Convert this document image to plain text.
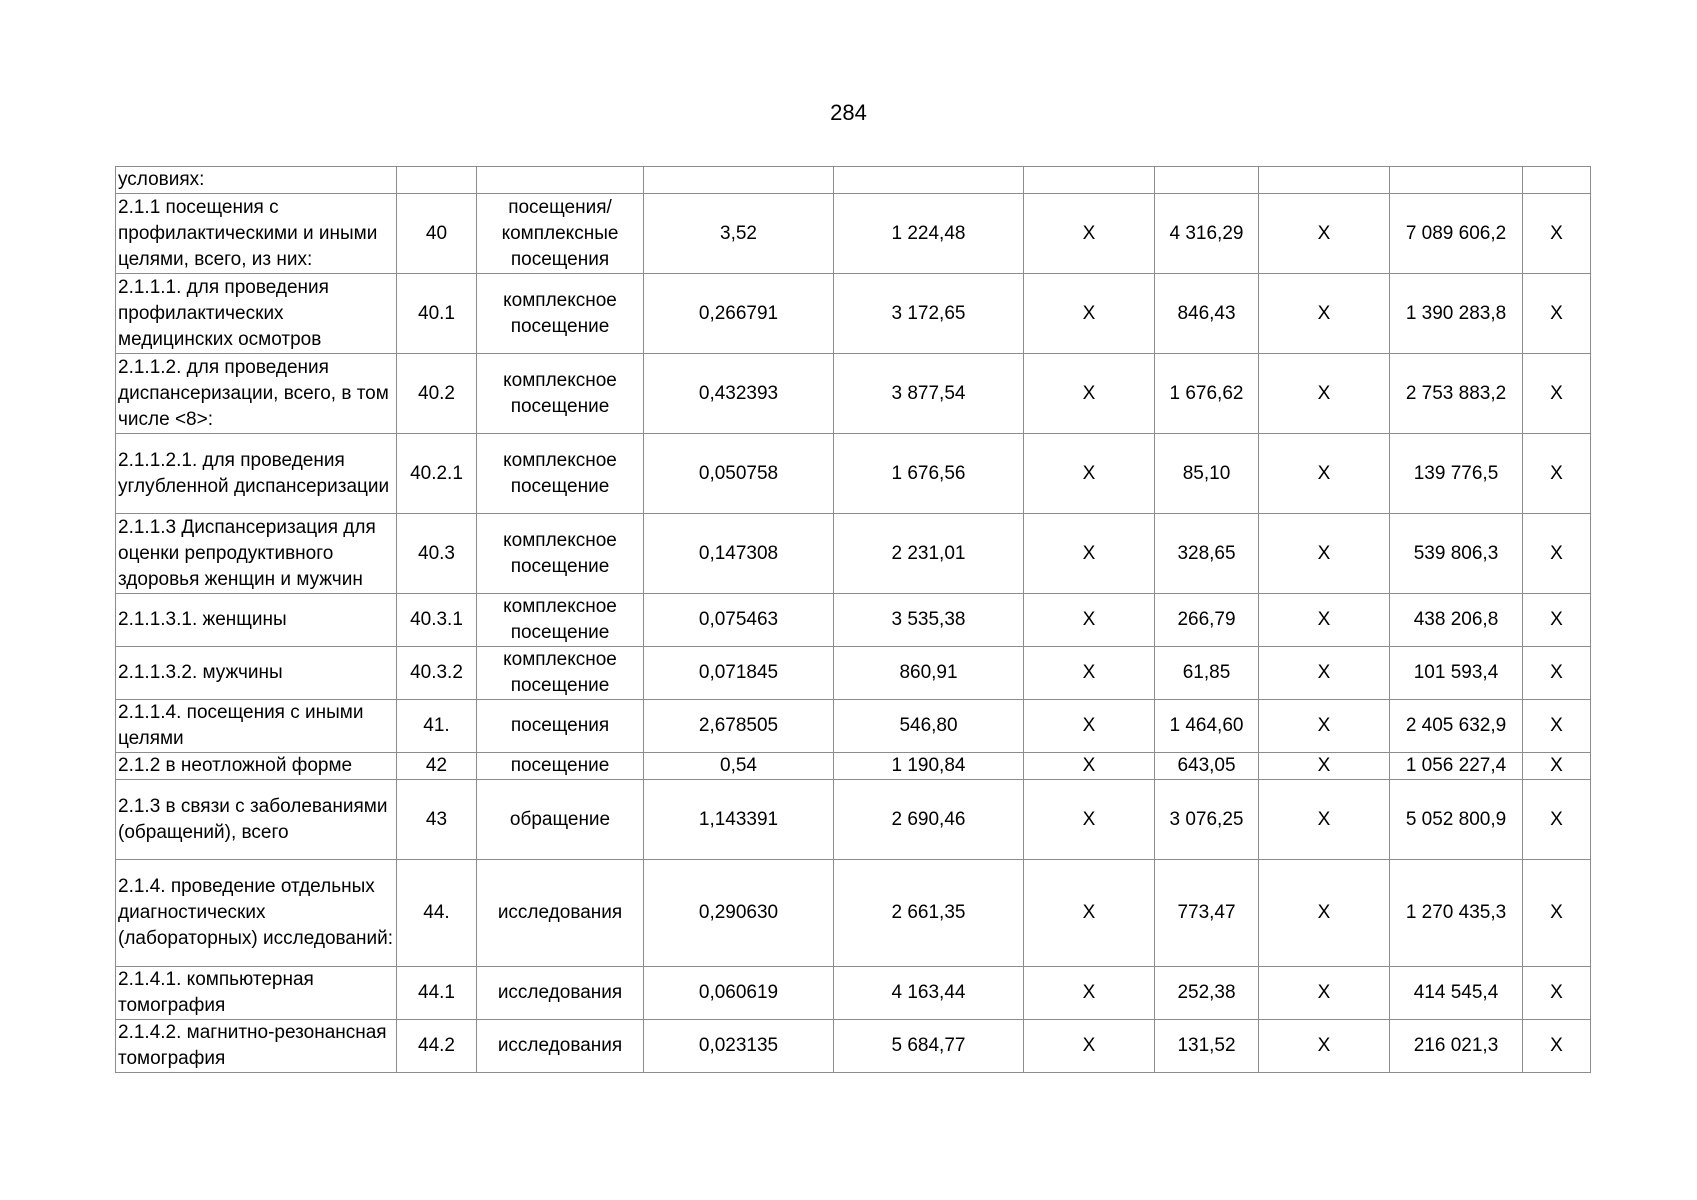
284
условиях:									
2.1.1 посещения с профилактическими и иными целями, всего, из них:	40	посещения/ комплексные посещения	3,52	1 224,48	Х	4 316,29	Х	7 089 606,2	Х
2.1.1.1. для проведения профилактических медицинских осмотров	40.1	комплексное посещение	0,266791	3 172,65	Х	846,43	Х	1 390 283,8	Х
2.1.1.2. для проведения диспансеризации, всего, в том числе <8>:	40.2	комплексное посещение	0,432393	3 877,54	Х	1 676,62	Х	2 753 883,2	Х
2.1.1.2.1. для проведения углубленной диспансеризации	40.2.1	комплексное посещение	0,050758	1 676,56	Х	85,10	Х	139 776,5	Х
2.1.1.3 Диспансеризация для оценки репродуктивного здоровья женщин и мужчин	40.3	комплексное посещение	0,147308	2 231,01	Х	328,65	Х	539 806,3	Х
2.1.1.3.1. женщины	40.3.1	комплексное посещение	0,075463	3 535,38	Х	266,79	Х	438 206,8	Х
2.1.1.3.2. мужчины	40.3.2	комплексное посещение	0,071845	860,91	Х	61,85	Х	101 593,4	Х
2.1.1.4. посещения с иными целями	41.	посещения	2,678505	546,80	Х	1 464,60	Х	2 405 632,9	Х
2.1.2 в неотложной форме	42	посещение	0,54	1 190,84	Х	643,05	Х	1 056 227,4	Х
2.1.3 в связи с заболеваниями (обращений), всего	43	обращение	1,143391	2 690,46	Х	3 076,25	Х	5 052 800,9	Х
2.1.4. проведение отдельных диагностических (лабораторных) исследований:	44.	исследования	0,290630	2 661,35	Х	773,47	Х	1 270 435,3	Х
2.1.4.1. компьютерная томография	44.1	исследования	0,060619	4 163,44	Х	252,38	Х	414 545,4	Х
2.1.4.2. магнитно-резонансная томография	44.2	исследования	0,023135	5 684,77	Х	131,52	Х	216 021,3	Х
